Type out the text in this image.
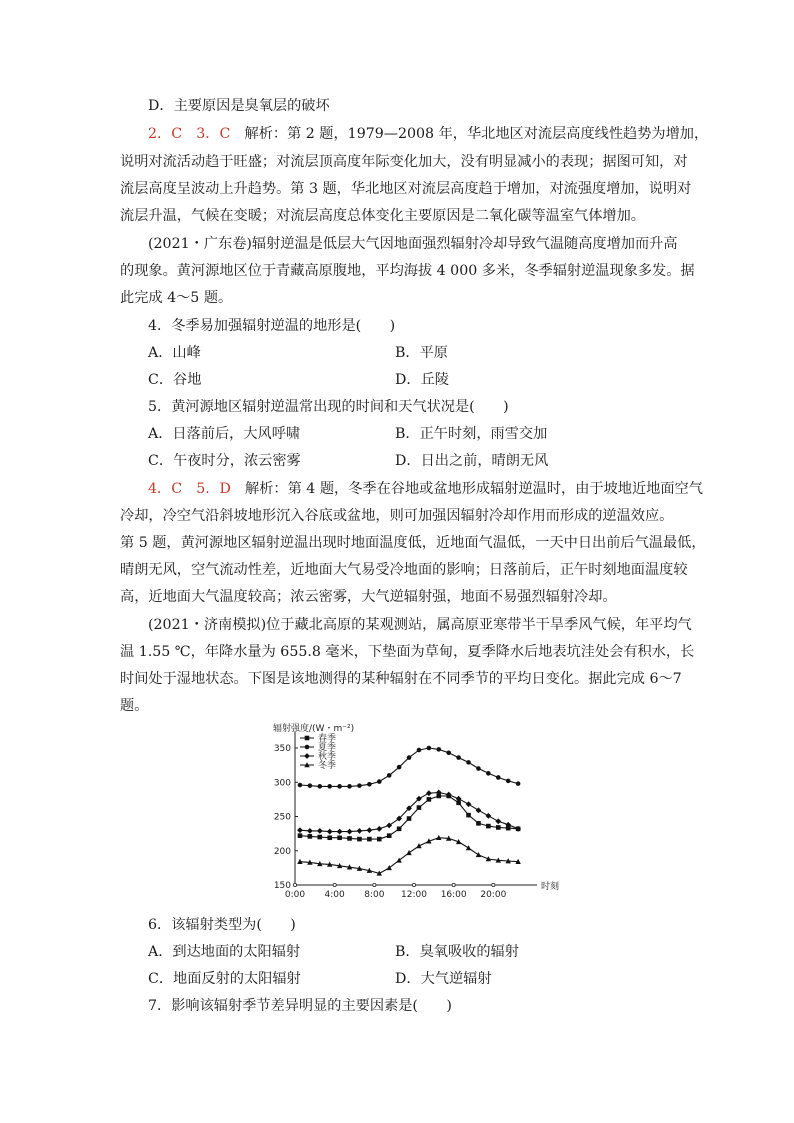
D．主要原因是臭氧层的破坏
2．C　3．C　解析：第 2 题，1979—2008 年，华北地区对流层高度线性趋势为增加，
说明对流活动趋于旺盛；对流层顶高度年际变化加大，没有明显减小的表现；据图可知，对
流层高度呈波动上升趋势。第 3 题，华北地区对流层高度趋于增加，对流强度增加，说明对
流层升温，气候在变暖；对流层高度总体变化主要原因是二氧化碳等温室气体增加。
(2021・广东卷)辐射逆温是低层大气因地面强烈辐射冷却导致气温随高度增加而升高
的现象。黄河源地区位于青藏高原腹地，平均海拔 4 000 多米，冬季辐射逆温现象多发。据
此完成 4～5 题。
4．冬季易加强辐射逆温的地形是(　　)
A．山峰	B．平原
C．谷地	D．丘陵
5．黄河源地区辐射逆温常出现的时间和天气状况是(　　)
A．日落前后，大风呼啸	B．正午时刻，雨雪交加
C．午夜时分，浓云密雾	D．日出之前，晴朗无风
4．C　5．D　解析：第 4 题，冬季在谷地或盆地形成辐射逆温时，由于坡地近地面空气
冷却，冷空气沿斜坡地形沉入谷底或盆地，则可加强因辐射冷却作用而形成的逆温效应。
第 5 题，黄河源地区辐射逆温出现时地面温度低，近地面气温低，一天中日出前后气温最低，
晴朗无风，空气流动性差，近地面大气易受冷地面的影响；日落前后，正午时刻地面温度较
高，近地面大气温度较高；浓云密雾，大气逆辐射强，地面不易强烈辐射冷却。
(2021・济南模拟)位于藏北高原的某观测站，属高原亚寒带半干旱季风气候，年平均气
温 1.55 ℃，年降水量为 655.8 毫米，下垫面为草甸，夏季降水后地表坑洼处会有积水，长
时间处于湿地状态。下图是该地测得的某种辐射在不同季节的平均日变化。据此完成 6～7
题。
辐射强度/(W・m⁻²)
时刻
150
200
250
300
350
0:00 4:00 8:00 12:00 16:00 20:00
春季
夏季
秋季
冬季
6．该辐射类型为(　　)
A．到达地面的太阳辐射	B．臭氧吸收的辐射
C．地面反射的太阳辐射	D．大气逆辐射
7．影响该辐射季节差异明显的主要因素是(　　)
